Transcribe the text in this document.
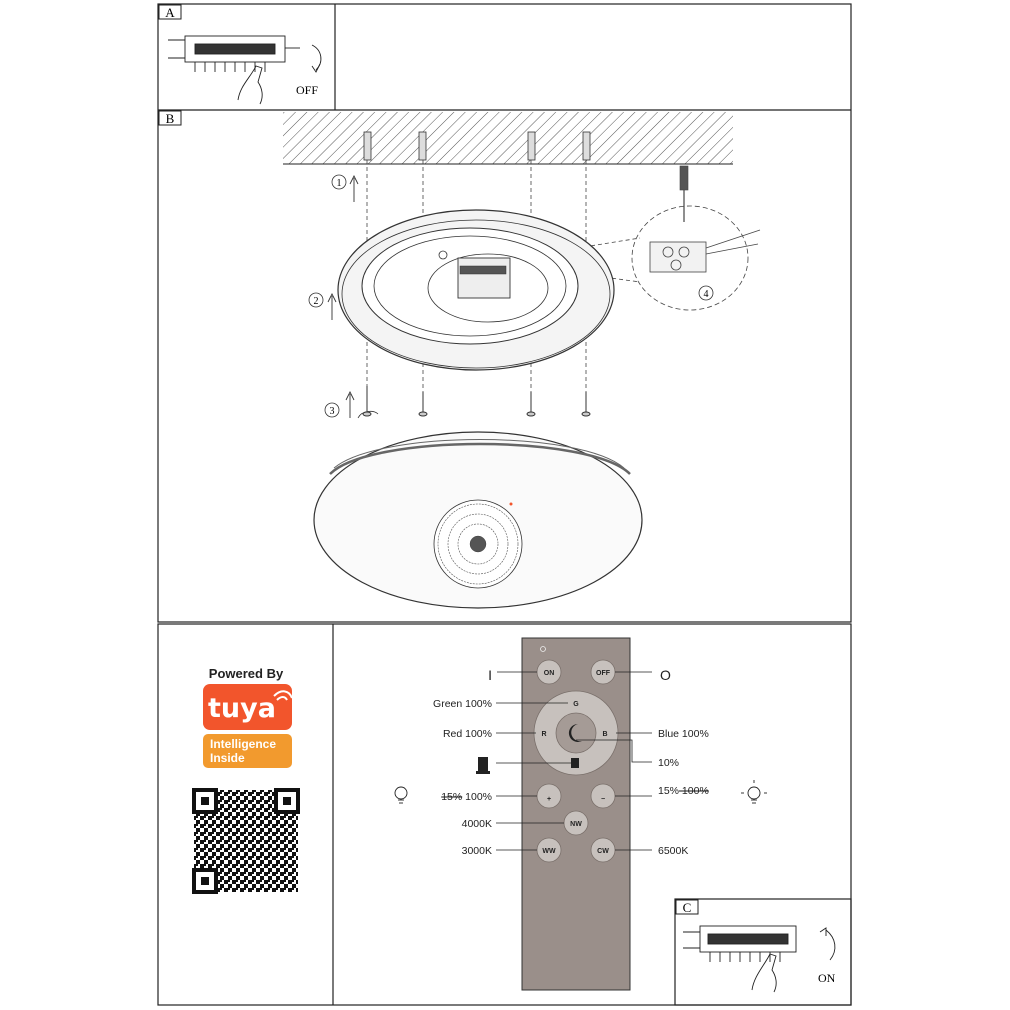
A
B
C
OFF
1
2
3
4
Powered By
tuya
Intelligence
Inside
ON	OFF
G
R	B
+	−
NW
WW	CW
I	O
Green 100%
Red 100%	Blue 100%
10%
15% 100%	15% 100%
4000K
3000K	6500K
ON
